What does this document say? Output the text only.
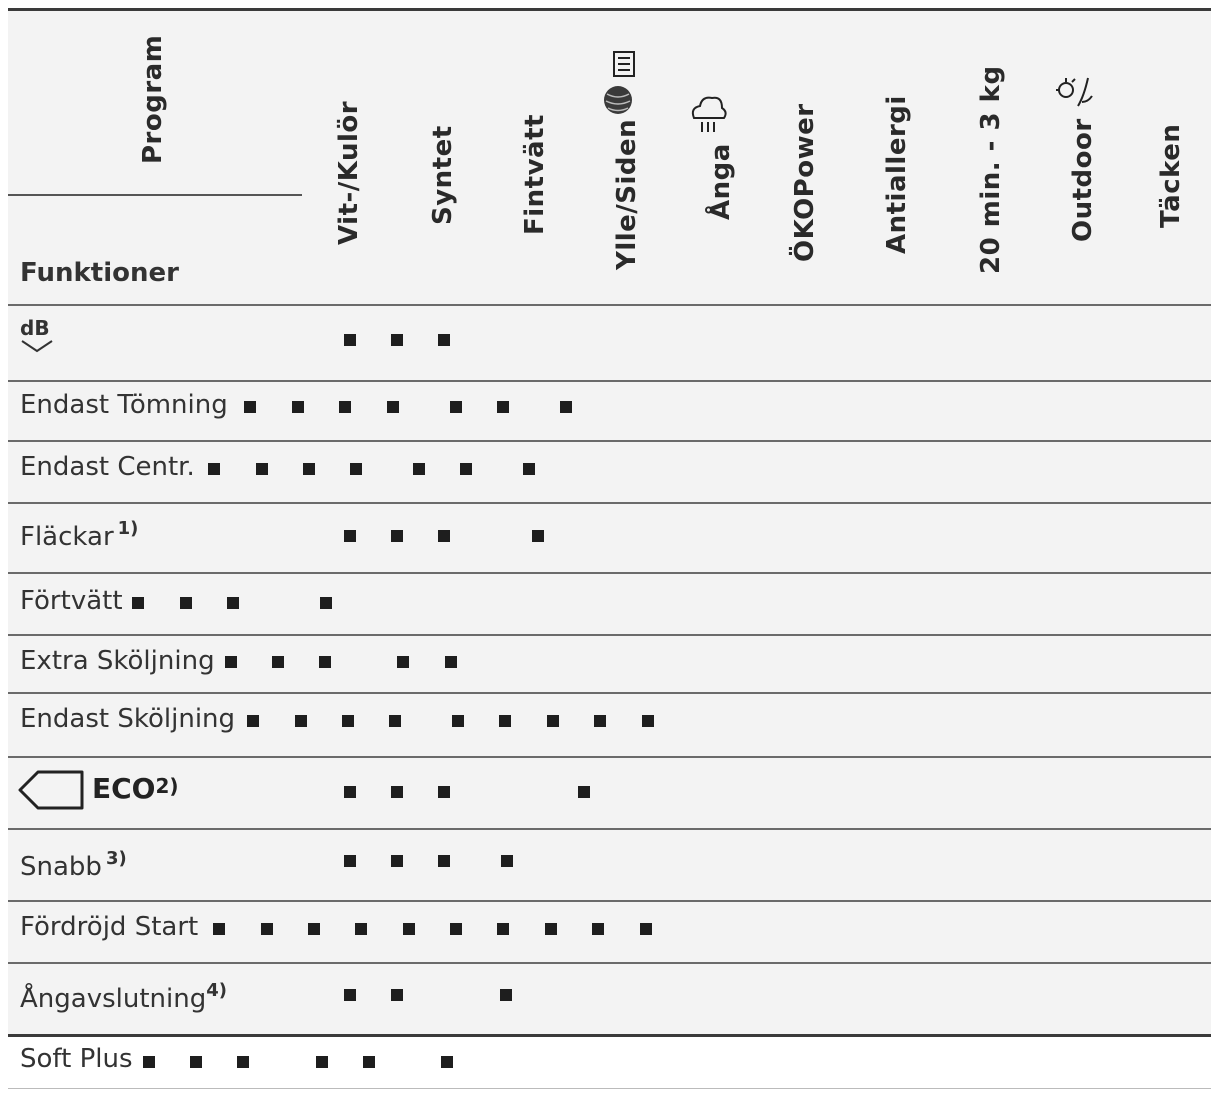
Program
Funktioner
Vit-/Kulör Syntet Fintvätt Ylle/Siden Ånga ÖKOPower Antiallergi 20 min. - 3 kg Outdoor Täcken
dB
Endast Tömning
Endast Centr.
Fläckar $^{1)}$
Förtvätt
Extra Sköljning
Endast Sköljning
ECO$^{2)}$
Snabb $^{3)}$
Fördröjd Start
Ångavslutning$^{4)}$
Soft Plus
